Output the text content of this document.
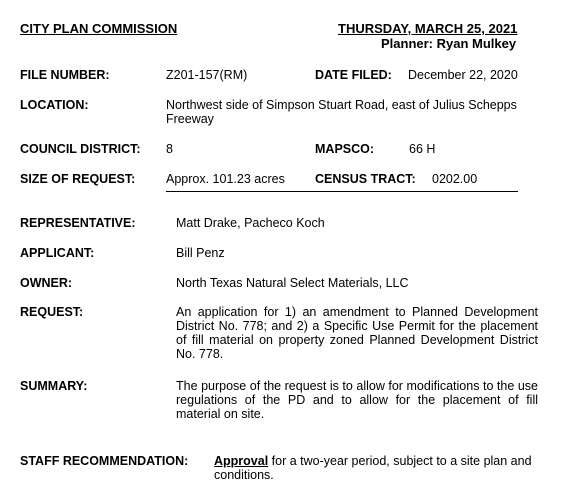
CITY PLAN COMMISSION	THURSDAY, MARCH 25, 2021
Planner: Ryan Mulkey
FILE NUMBER:	Z201-157(RM)	DATE FILED: December 22, 2020
LOCATION:	Northwest side of Simpson Stuart Road, east of Julius Schepps Freeway
COUNCIL DISTRICT: 8	MAPSCO:	66 H
SIZE OF REQUEST: Approx. 101.23 acres CENSUS TRACT: 0202.00
REPRESENTATIVE:	Matt Drake, Pacheco Koch
APPLICANT:	Bill Penz
OWNER:	North Texas Natural Select Materials, LLC
REQUEST:	An application for 1) an amendment to Planned Development District No. 778; and 2) a Specific Use Permit for the placement of fill material on property zoned Planned Development District No. 778.
SUMMARY:	The purpose of the request is to allow for modifications to the use regulations of the PD and to allow for the placement of fill material on site.
STAFF RECOMMENDATION: Approval for a two-year period, subject to a site plan and conditions.
